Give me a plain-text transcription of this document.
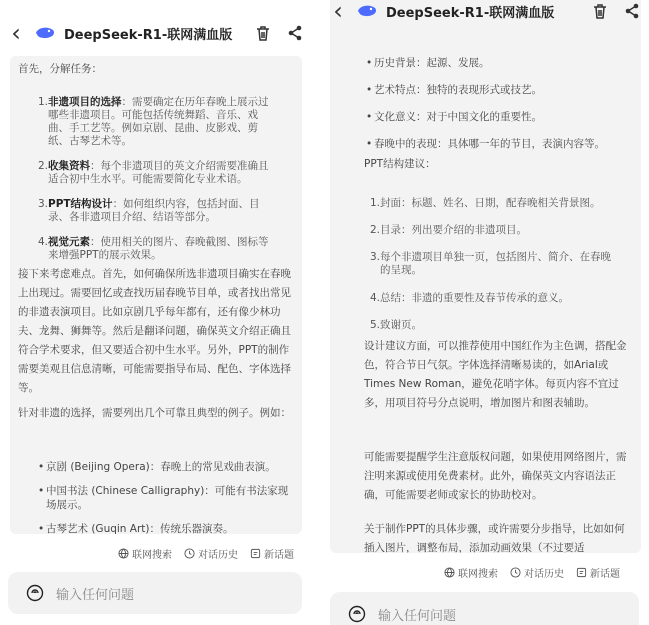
‹	DeepSeek-R1-联网满血版
首先，分解任务：
1. 非遗项目的选择：需要确定在历年春晚上展示过哪些非遗项目。可能包括传统舞蹈、音乐、戏曲、手工艺等。例如京剧、昆曲、皮影戏、剪纸、古琴艺术等。
2. 收集资料：每个非遗项目的英文介绍需要准确且适合初中生水平。可能需要简化专业术语。
3. PPT结构设计：如何组织内容，包括封面、目录、各非遗项目介绍、结语等部分。
4. 视觉元素：使用相关的图片、春晚截图、图标等来增强PPT的展示效果。
接下来考虑难点。首先，如何确保所选非遗项目确实在春晚上出现过。需要回忆或查找历届春晚节目单，或者找出常见的非遗表演项目。比如京剧几乎每年都有，还有像少林功夫、龙舞、狮舞等。然后是翻译问题，确保英文介绍正确且符合学术要求，但又要适合初中生水平。另外，PPT的制作需要美观且信息清晰，可能需要指导布局、配色、字体选择等。
针对非遗的选择，需要列出几个可靠且典型的例子。例如：
• 京剧 (Beijing Opera)：春晚上的常见戏曲表演。
• 中国书法 (Chinese Calligraphy)：可能有书法家现场展示。
• 古琴艺术 (Guqin Art)：传统乐器演奏。
联网搜索	对话历史	新话题
输入任何问题
• 历史背景：起源、发展。
• 艺术特点：独特的表现形式或技艺。
• 文化意义：对于中国文化的重要性。
• 春晚中的表现：具体哪一年的节目，表演内容等。
PPT结构建议：
1. 封面：标题、姓名、日期，配春晚相关背景图。
2. 目录：列出要介绍的非遗项目。
3. 每个非遗项目单独一页，包括图片、简介、在春晚的呈现。
4. 总结：非遗的重要性及春节传承的意义。
5. 致谢页。
设计建议方面，可以推荐使用中国红作为主色调，搭配金色，符合节日气氛。字体选择清晰易读的，如Arial或Times New Roman，避免花哨字体。每页内容不宜过多，用项目符号分点说明，增加图片和图表辅助。
可能需要提醒学生注意版权问题，如果使用网络图片，需注明来源或使用免费素材。此外，确保英文内容语法正确，可能需要老师或家长的协助校对。
关于制作PPT的具体步骤，或许需要分步指导，比如如何插入图片，调整布局，添加动画效果（不过要适
‹	DeepSeek-R1-联网满血版
联网搜索	对话历史	新话题
输入任何问题
